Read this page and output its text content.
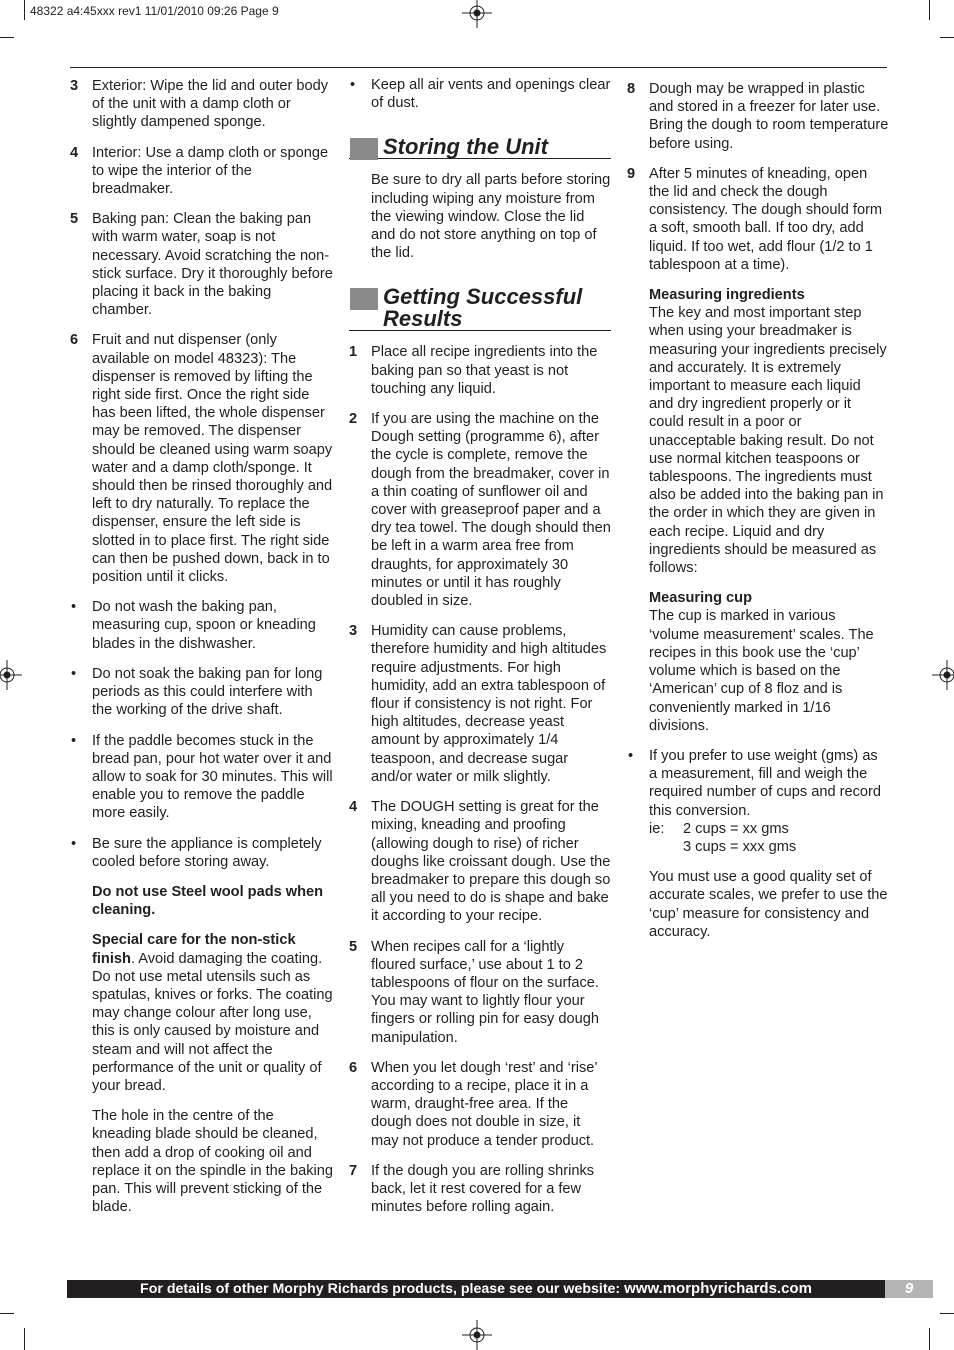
48322 a4:45xxx rev1 11/01/2010 09:26 Page 9
3 Exterior: Wipe the lid and outer body of the unit with a damp cloth or slightly dampened sponge.
4 Interior: Use a damp cloth or sponge to wipe the interior of the breadmaker.
5 Baking pan: Clean the baking pan with warm water, soap is not necessary. Avoid scratching the non-stick surface. Dry it thoroughly before placing it back in the baking chamber.
6 Fruit and nut dispenser (only available on model 48323): The dispenser is removed by lifting the right side first. Once the right side has been lifted, the whole dispenser may be removed. The dispenser should be cleaned using warm soapy water and a damp cloth/sponge. It should then be rinsed thoroughly and left to dry naturally. To replace the dispenser, ensure the left side is slotted in to place first. The right side can then be pushed down, back in to position until it clicks.
• Do not wash the baking pan, measuring cup, spoon or kneading blades in the dishwasher.
• Do not soak the baking pan for long periods as this could interfere with the working of the drive shaft.
• If the paddle becomes stuck in the bread pan, pour hot water over it and allow to soak for 30 minutes. This will enable you to remove the paddle more easily.
• Be sure the appliance is completely cooled before storing away.
Do not use Steel wool pads when cleaning.
Special care for the non-stick finish. Avoid damaging the coating. Do not use metal utensils such as spatulas, knives or forks. The coating may change colour after long use, this is only caused by moisture and steam and will not affect the performance of the unit or quality of your bread.
The hole in the centre of the kneading blade should be cleaned, then add a drop of cooking oil and replace it on the spindle in the baking pan. This will prevent sticking of the blade.
• Keep all air vents and openings clear of dust.
Storing the Unit
Be sure to dry all parts before storing including wiping any moisture from the viewing window. Close the lid and do not store anything on top of the lid.
Getting Successful Results
1 Place all recipe ingredients into the baking pan so that yeast is not touching any liquid.
2 If you are using the machine on the Dough setting (programme 6), after the cycle is complete, remove the dough from the breadmaker, cover in a thin coating of sunflower oil and cover with greaseproof paper and a dry tea towel. The dough should then be left in a warm area free from draughts, for approximately 30 minutes or until it has roughly doubled in size.
3 Humidity can cause problems, therefore humidity and high altitudes require adjustments. For high humidity, add an extra tablespoon of flour if consistency is not right. For high altitudes, decrease yeast amount by approximately 1/4 teaspoon, and decrease sugar and/or water or milk slightly.
4 The DOUGH setting is great for the mixing, kneading and proofing (allowing dough to rise) of richer doughs like croissant dough. Use the breadmaker to prepare this dough so all you need to do is shape and bake it according to your recipe.
5 When recipes call for a ‘lightly floured surface,’ use about 1 to 2 tablespoons of flour on the surface. You may want to lightly flour your fingers or rolling pin for easy dough manipulation.
6 When you let dough ‘rest’ and ‘rise’ according to a recipe, place it in a warm, draught-free area. If the dough does not double in size, it may not produce a tender product.
7 If the dough you are rolling shrinks back, let it rest covered for a few minutes before rolling again.
8 Dough may be wrapped in plastic and stored in a freezer for later use. Bring the dough to room temperature before using.
9 After 5 minutes of kneading, open the lid and check the dough consistency. The dough should form a soft, smooth ball. If too dry, add liquid. If too wet, add flour (1/2 to 1 tablespoon at a time).
Measuring ingredients
The key and most important step when using your breadmaker is measuring your ingredients precisely and accurately. It is extremely important to measure each liquid and dry ingredient properly or it could result in a poor or unacceptable baking result. Do not use normal kitchen teaspoons or tablespoons. The ingredients must also be added into the baking pan in the order in which they are given in each recipe. Liquid and dry ingredients should be measured as follows:
Measuring cup
The cup is marked in various ‘volume measurement’ scales. The recipes in this book use the ‘cup’ volume which is based on the ‘American’ cup of 8 floz and is conveniently marked in 1/16 divisions.
• If you prefer to use weight (gms) as a measurement, fill and weigh the required number of cups and record this conversion.
ie:	2 cups = xx gms
3 cups = xxx gms
You must use a good quality set of accurate scales, we prefer to use the ‘cup’ measure for consistency and accuracy.
For details of other Morphy Richards products, please see our website: www.morphyrichards.com	9
